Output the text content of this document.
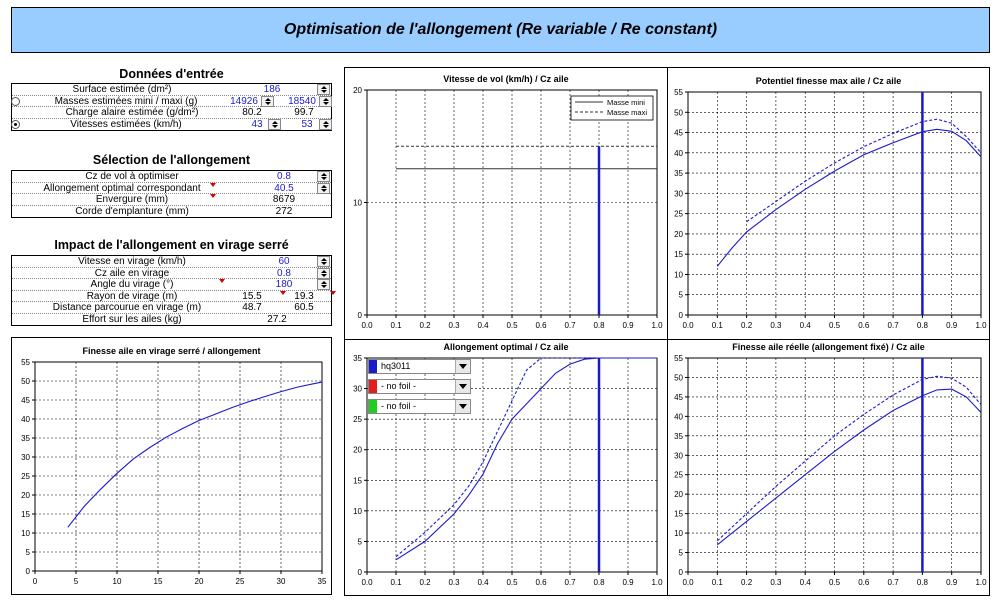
Optimisation de l'allongement (Re variable / Re constant)
Données d'entrée
Surface estimée (dm²)	186
Masses estimées mini / maxi (g)	14926	18540
Charge alaire estimée (g/dm²)	80.2	99.7
Vitesses estimées (km/h)	43	53
Sélection de l'allongement
Cz de vol à optimiser	0.8
Allongement optimal correspondant	40.5
Envergure (mm)	8679
Corde d'emplanture (mm)	272
Impact de l'allongement en virage serré
Vitesse en virage (km/h)	60
Cz aile en virage	0.8
Angle du virage (°)	180
Rayon de virage (m)	15.5	19.3
Distance parcourue en virage (m)	48.7	60.5
Effort sur les ailes (kg)	27.2
Finesse aile en virage serré / allongement
0	5	10	15	20	25	30	35
0
5
10
15
20
25
30
35
40
45
50
55
Vitesse de vol (km/h) / Cz aile
0.0 0.1 0.2 0.3 0.4 0.5 0.6 0.7 0.8 0.9 1.0
0
10
20
Masse mini
Masse maxi
Potentiel finesse max aile / Cz aile
0.0 0.1 0.2 0.3 0.4 0.5 0.6 0.7 0.8 0.9 1.0
0
5
10
15
20
25
30
35
40
45
50
55
Allongement optimal / Cz aile
0.0 0.1 0.2 0.3 0.4 0.5 0.6 0.7 0.8 0.9 1.0
0
5
10
15
20
25
30
35
Finesse aile réelle (allongement fixé) / Cz aile
0.0 0.1 0.2 0.3 0.4 0.5 0.6 0.7 0.8 0.9 1.0
0
5
10
15
20
25
30
35
40
45
50
55
hq3011
- no foil -
- no foil -
